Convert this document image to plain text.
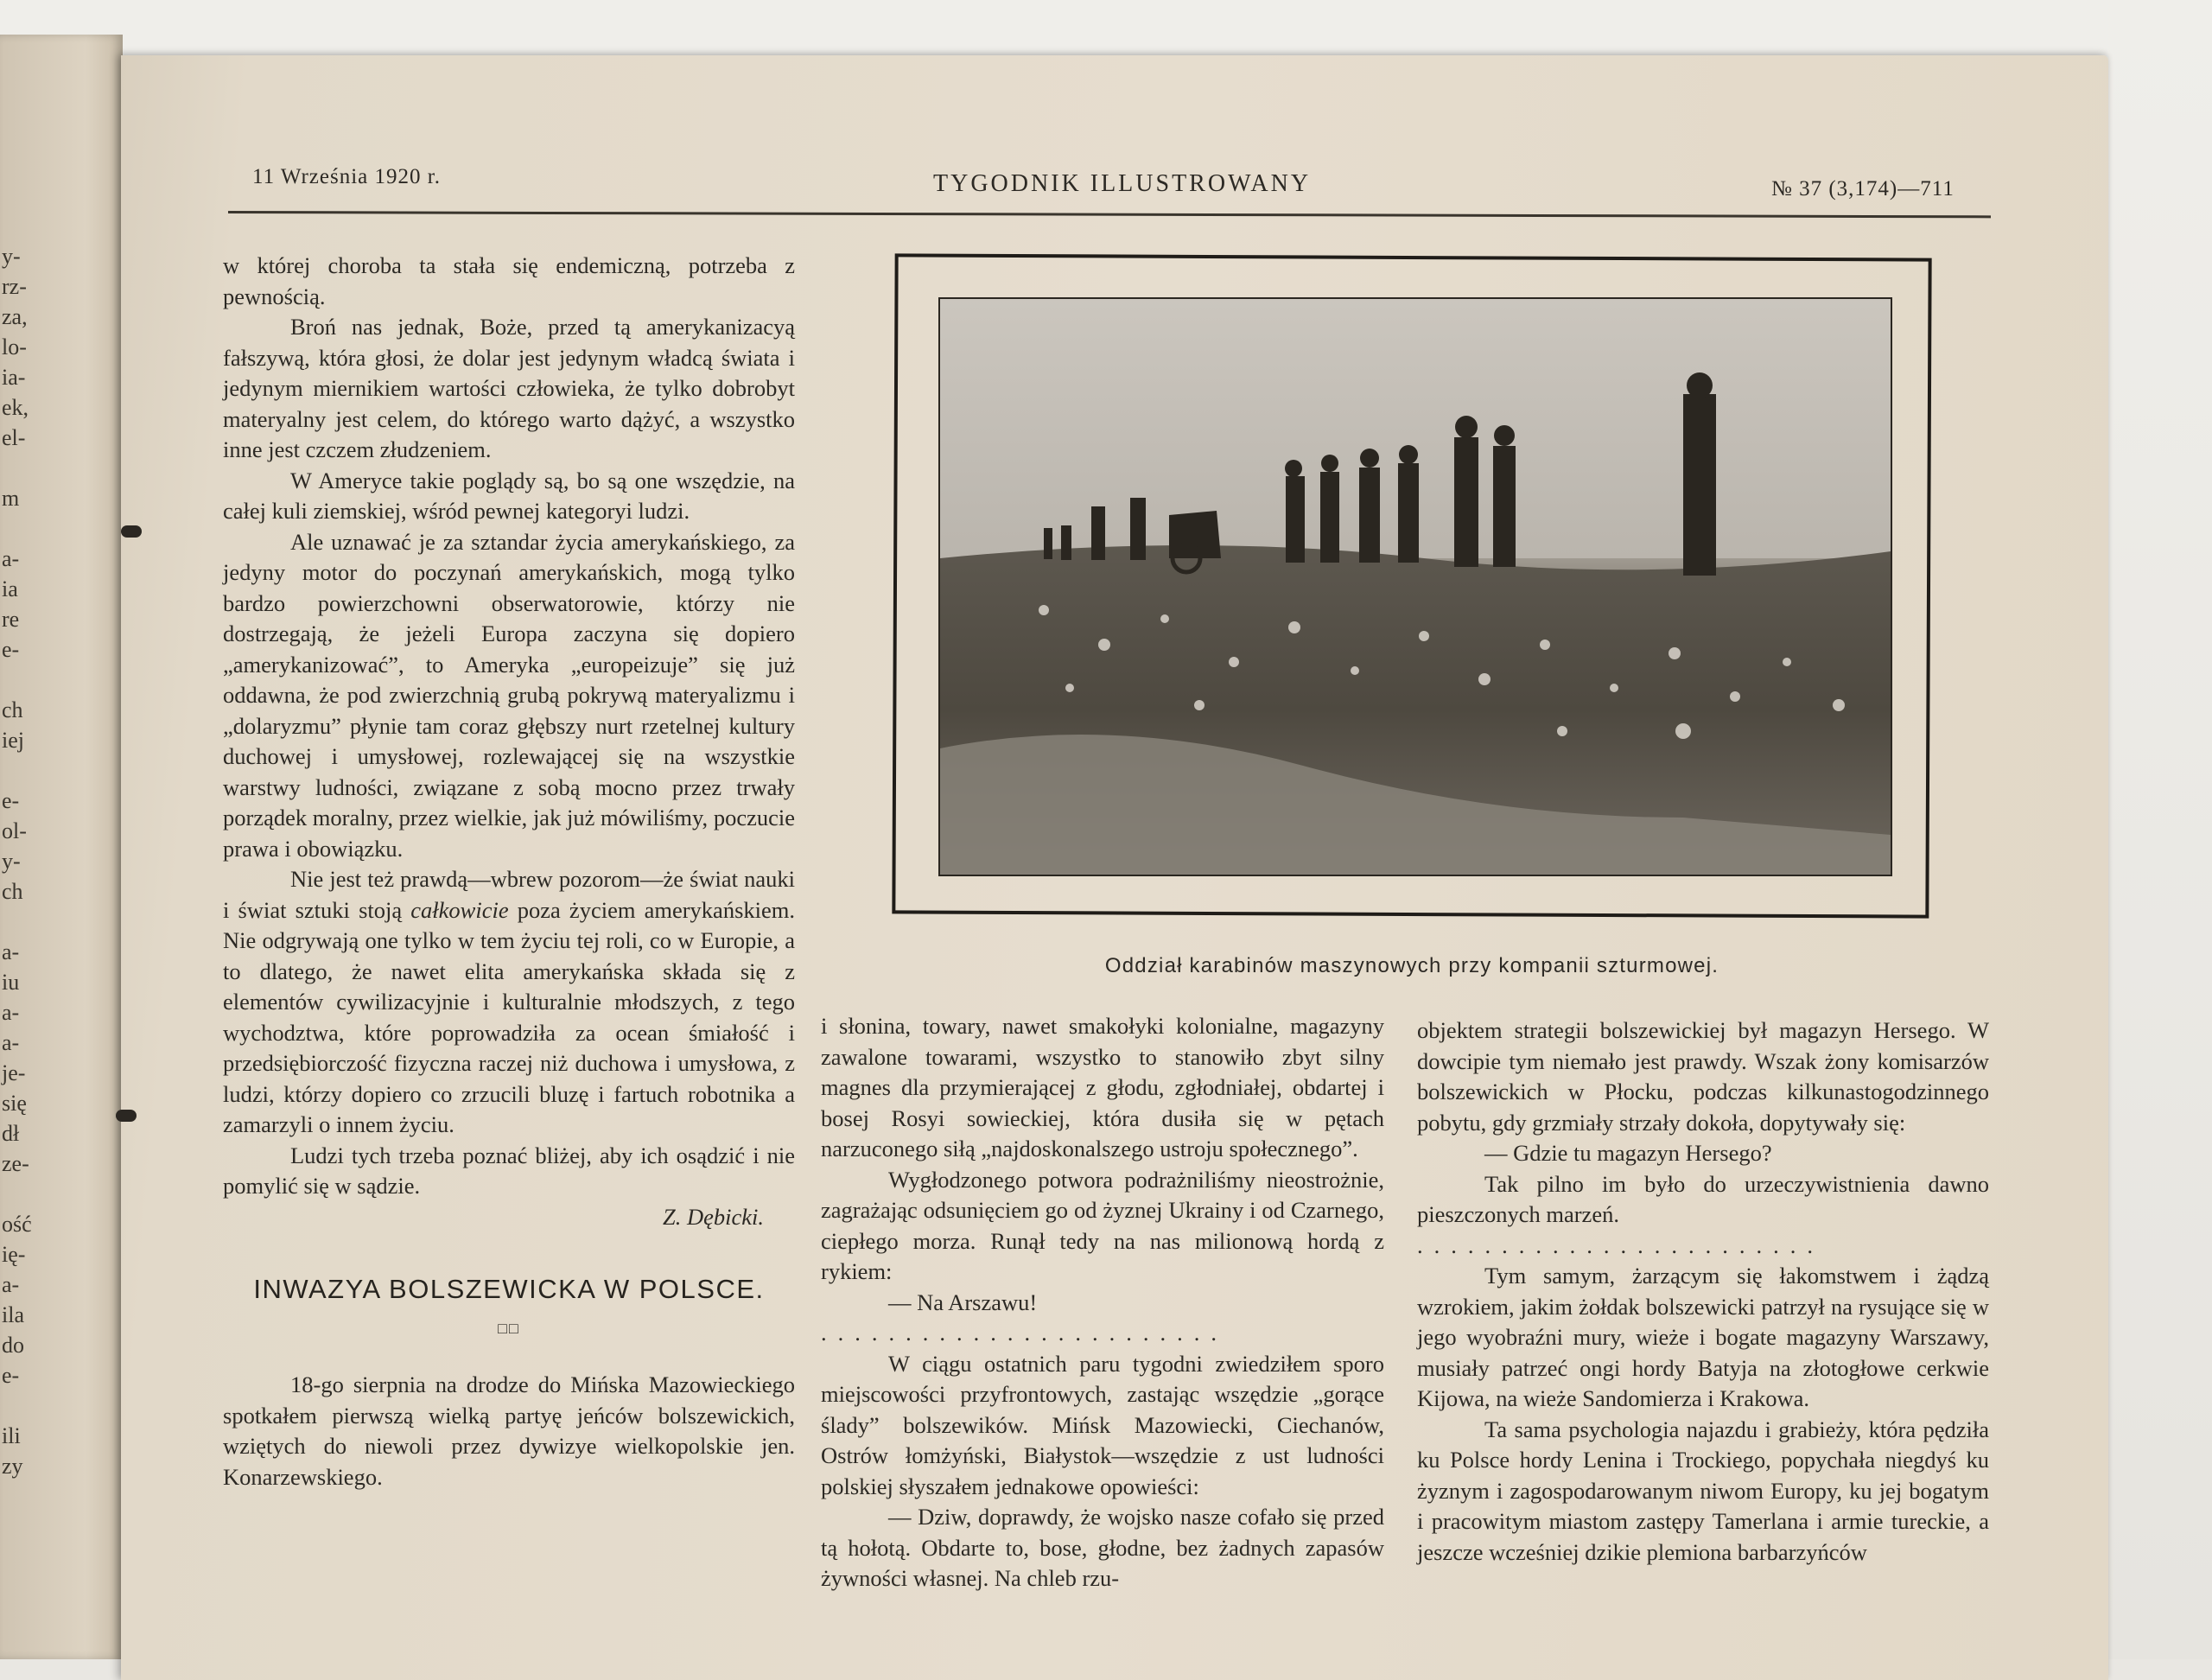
y-
rz-
za,
lo-
ia-
ek,
el-
m
a-
ia
re
e-
ch
iej
e-
ol-
y-
ch
a-
iu
a-
a-
je-
się
dł
ze-
ość
ię-
a-
ila
do
e-
ili
zy
11 Września 1920 r.	TYGODNIK ILLUSTROWANY	№ 37 (3,174)—711

w której choroba ta stała się endemiczną, potrzeba z pewnością.

Broń nas jednak, Boże, przed tą amerykanizacyą fałszywą, która głosi, że dolar jest jedynym władcą świata i jedynym miernikiem wartości człowieka, że tylko dobrobyt materyalny jest celem, do którego warto dążyć, a wszystko inne jest czczem złudzeniem.

W Ameryce takie poglądy są, bo są one wszędzie, na całej kuli ziemskiej, wśród pewnej kategoryi ludzi.

Ale uznawać je za sztandar życia amerykańskiego, za jedyny motor do poczynań amerykańskich, mogą tylko bardzo powierzchowni obserwatorowie, którzy nie dostrzegają, że jeżeli Europa zaczyna się dopiero „amerykanizować”, to Ameryka „europeizuje” się już oddawna, że pod zwierzchnią grubą pokrywą materyalizmu i „dolaryzmu” płynie tam coraz głębszy nurt rzetelnej kultury duchowej i umysłowej, rozlewającej się na wszystkie warstwy ludności, związane z sobą mocno przez trwały porządek moralny, przez wielkie, jak już mówiliśmy, poczucie prawa i obowiązku.

Nie jest też prawdą—wbrew pozorom—że świat nauki i świat sztuki stoją całkowicie poza życiem amerykańskiem. Nie odgrywają one tylko w tem życiu tej roli, co w Europie, a to dlatego, że nawet elita amerykańska składa się z elementów cywilizacyjnie i kulturalnie młodszych, z tego wychodztwa, które poprowadziła za ocean śmiałość i przedsiębiorczość fizyczna raczej niż duchowa i umysłowa, z ludzi, którzy dopiero co zrzucili bluzę i fartuch robotnika a zamarzyli o innem życiu.

Ludzi tych trzeba poznać bliżej, aby ich osądzić i nie pomylić się w sądzie.

Z. Dębicki.

INWAZYA BOLSZEWICKA W POLSCE.

□□

18-go sierpnia na drodze do Mińska Mazowieckiego spotkałem pierwszą wielką partyę jeńców bolszewickich, wziętych do niewoli przez dywizye wielkopolskie jen. Konarzewskiego.

Oddział karabinów maszynowych przy kompanii szturmowej.

i słonina, towary, nawet smakołyki kolonialne, magazyny zawalone towarami, wszystko to stanowiło zbyt silny magnes dla przymierającej z głodu, zgłodniałej, obdartej i bosej Rosyi sowieckiej, która dusiła się w pętach narzuconego siłą „najdoskonalszego ustroju społecznego”.

Wygłodzonego potwora podrażniliśmy nieostrożnie, zagrażając odsunięciem go od żyznej Ukrainy i od Czarnego, ciepłego morza. Runął tedy na nas milionową hordą z rykiem:

— Na Arszawu!

........................

W ciągu ostatnich paru tygodni zwiedziłem sporo miejscowości przyfrontowych, zastając wszędzie „gorące ślady” bolszewików. Mińsk Mazowiecki, Ciechanów, Ostrów łomżyński, Białystok—wszędzie z ust ludności polskiej słyszałem jednakowe opowieści:

— Dziw, doprawdy, że wojsko nasze cofało się przed tą hołotą. Obdarte to, bose, głodne, bez żadnych zapasów żywności własnej. Na chleb rzu-

objektem strategii bolszewickiej był magazyn Hersego. W dowcipie tym niemało jest prawdy. Wszak żony komisarzów bolszewickich w Płocku, podczas kilkunastogodzinnego pobytu, gdy grzmiały strzały dokoła, dopytywały się:

— Gdzie tu magazyn Hersego?

Tak pilno im było do urzeczywistnienia dawno pieszczonych marzeń.

........................

Tym samym, żarzącym się łakomstwem i żądzą wzrokiem, jakim żołdak bolszewicki patrzył na rysujące się w jego wyobraźni mury, wieże i bogate magazyny Warszawy, musiały patrzeć ongi hordy Batyja na złotogłowe cerkwie Kijowa, na wieże Sandomierza i Krakowa.

Ta sama psychologia najazdu i grabieży, która pędziła ku Polsce hordy Lenina i Trockiego, popychała niegdyś ku żyznym i zagospodarowanym niwom Europy, ku jej bogatym i pracowitym miastom zastępy Tamerlana i armie tureckie, a jeszcze wcześniej dzikie plemiona barbarzyńców
